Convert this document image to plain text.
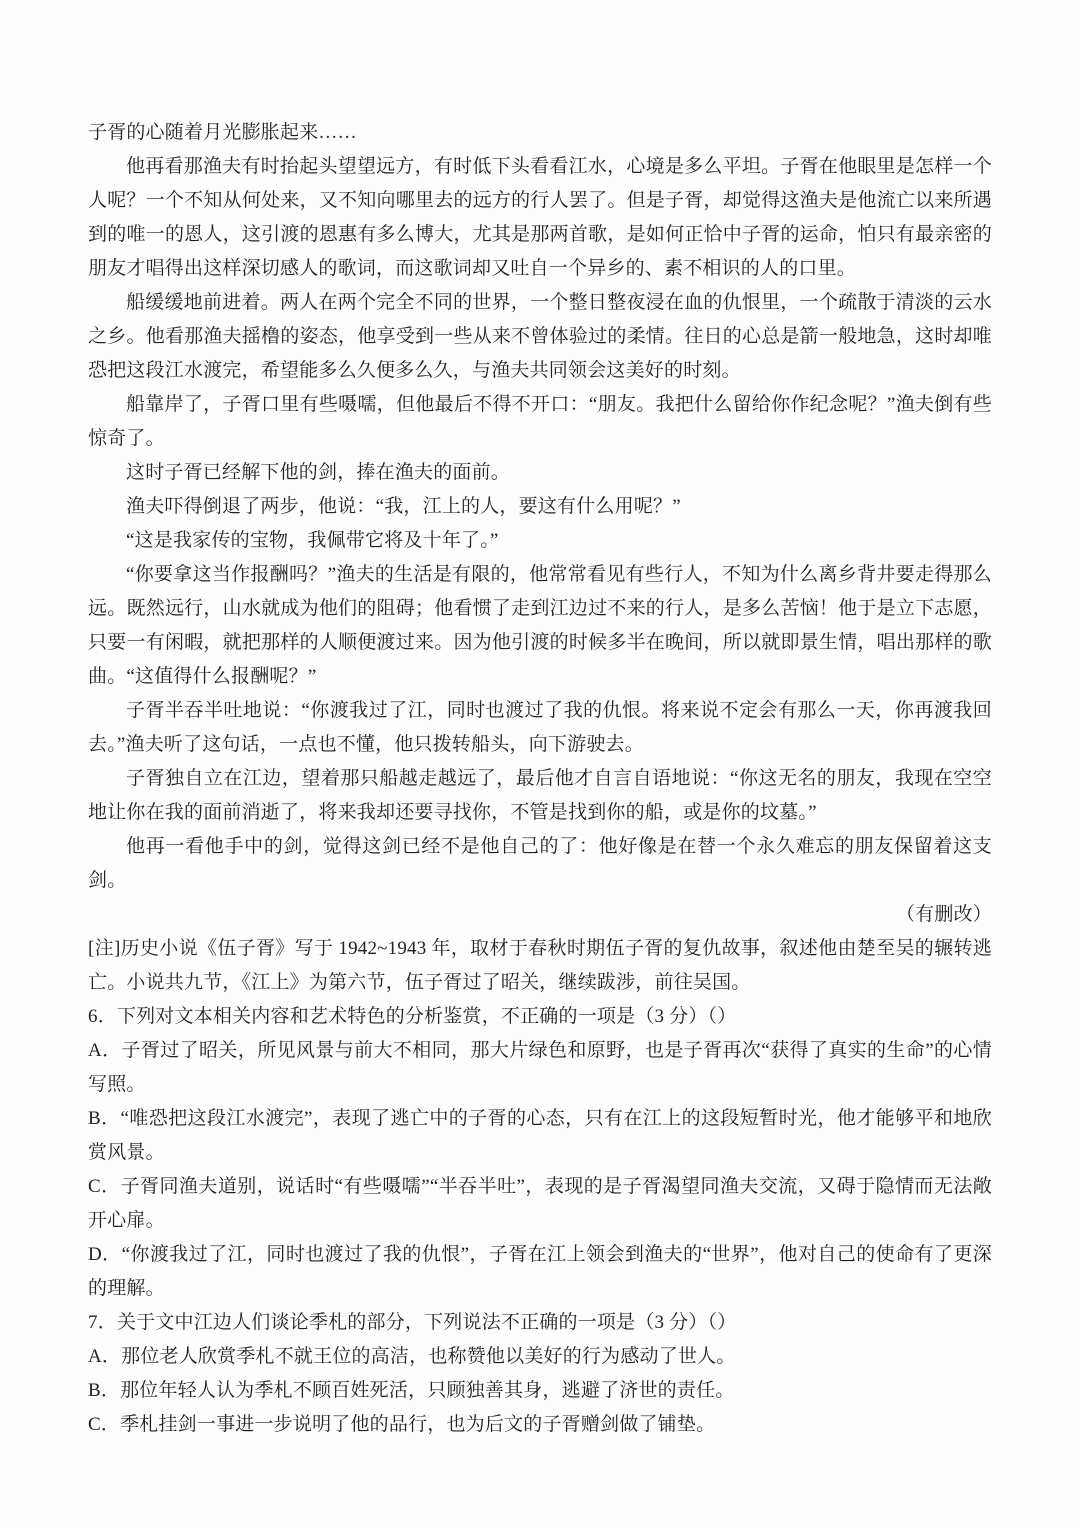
子胥的心随着月光膨胀起来……
他再看那渔夫有时抬起头望望远方，有时低下头看看江水，心境是多么平坦。子胥在他眼里是怎样一个人呢？一个不知从何处来，又不知向哪里去的远方的行人罢了。但是子胥，却觉得这渔夫是他流亡以来所遇到的唯一的恩人，这引渡的恩惠有多么博大，尤其是那两首歌，是如何正恰中子胥的运命，怕只有最亲密的朋友才唱得出这样深切感人的歌词，而这歌词却又吐自一个异乡的、素不相识的人的口里。
船缓缓地前进着。两人在两个完全不同的世界，一个整日整夜浸在血的仇恨里，一个疏散于清淡的云水之乡。他看那渔夫摇橹的姿态，他享受到一些从来不曾体验过的柔情。往日的心总是箭一般地急，这时却唯恐把这段江水渡完，希望能多么久便多么久，与渔夫共同领会这美好的时刻。
船靠岸了，子胥口里有些嗫嚅，但他最后不得不开口：“朋友。我把什么留给你作纪念呢？”渔夫倒有些惊奇了。
这时子胥已经解下他的剑，捧在渔夫的面前。
渔夫吓得倒退了两步，他说：“我，江上的人，要这有什么用呢？”
“这是我家传的宝物，我佩带它将及十年了。”
“你要拿这当作报酬吗？”渔夫的生活是有限的，他常常看见有些行人，不知为什么离乡背井要走得那么远。既然远行，山水就成为他们的阻碍；他看惯了走到江边过不来的行人，是多么苦恼！他于是立下志愿，只要一有闲暇，就把那样的人顺便渡过来。因为他引渡的时候多半在晚间，所以就即景生情，唱出那样的歌曲。“这值得什么报酬呢？”
子胥半吞半吐地说：“你渡我过了江，同时也渡过了我的仇恨。将来说不定会有那么一天，你再渡我回去。”渔夫听了这句话，一点也不懂，他只拨转船头，向下游驶去。
子胥独自立在江边，望着那只船越走越远了，最后他才自言自语地说：“你这无名的朋友，我现在空空地让你在我的面前消逝了，将来我却还要寻找你，不管是找到你的船，或是你的坟墓。”
他再一看他手中的剑，觉得这剑已经不是他自己的了：他好像是在替一个永久难忘的朋友保留着这支剑。
（有删改）
[注]历史小说《伍子胥》写于 1942~1943 年，取材于春秋时期伍子胥的复仇故事，叙述他由楚至吴的辗转逃亡。小说共九节，《江上》为第六节，伍子胥过了昭关，继续跋涉，前往吴国。
6．下列对文本相关内容和艺术特色的分析鉴赏，不正确的一项是（3 分）（）
A．子胥过了昭关，所见风景与前大不相同，那大片绿色和原野，也是子胥再次“获得了真实的生命”的心情写照。
B．“唯恐把这段江水渡完”，表现了逃亡中的子胥的心态，只有在江上的这段短暂时光，他才能够平和地欣赏风景。
C．子胥同渔夫道别，说话时“有些嗫嚅”“半吞半吐”，表现的是子胥渴望同渔夫交流，又碍于隐情而无法敞开心扉。
D．“你渡我过了江，同时也渡过了我的仇恨”，子胥在江上领会到渔夫的“世界”，他对自己的使命有了更深的理解。
7．关于文中江边人们谈论季札的部分，下列说法不正确的一项是（3 分）（）
A．那位老人欣赏季札不就王位的高洁，也称赞他以美好的行为感动了世人。
B．那位年轻人认为季札不顾百姓死活，只顾独善其身，逃避了济世的责任。
C．季札挂剑一事进一步说明了他的品行，也为后文的子胥赠剑做了铺垫。
